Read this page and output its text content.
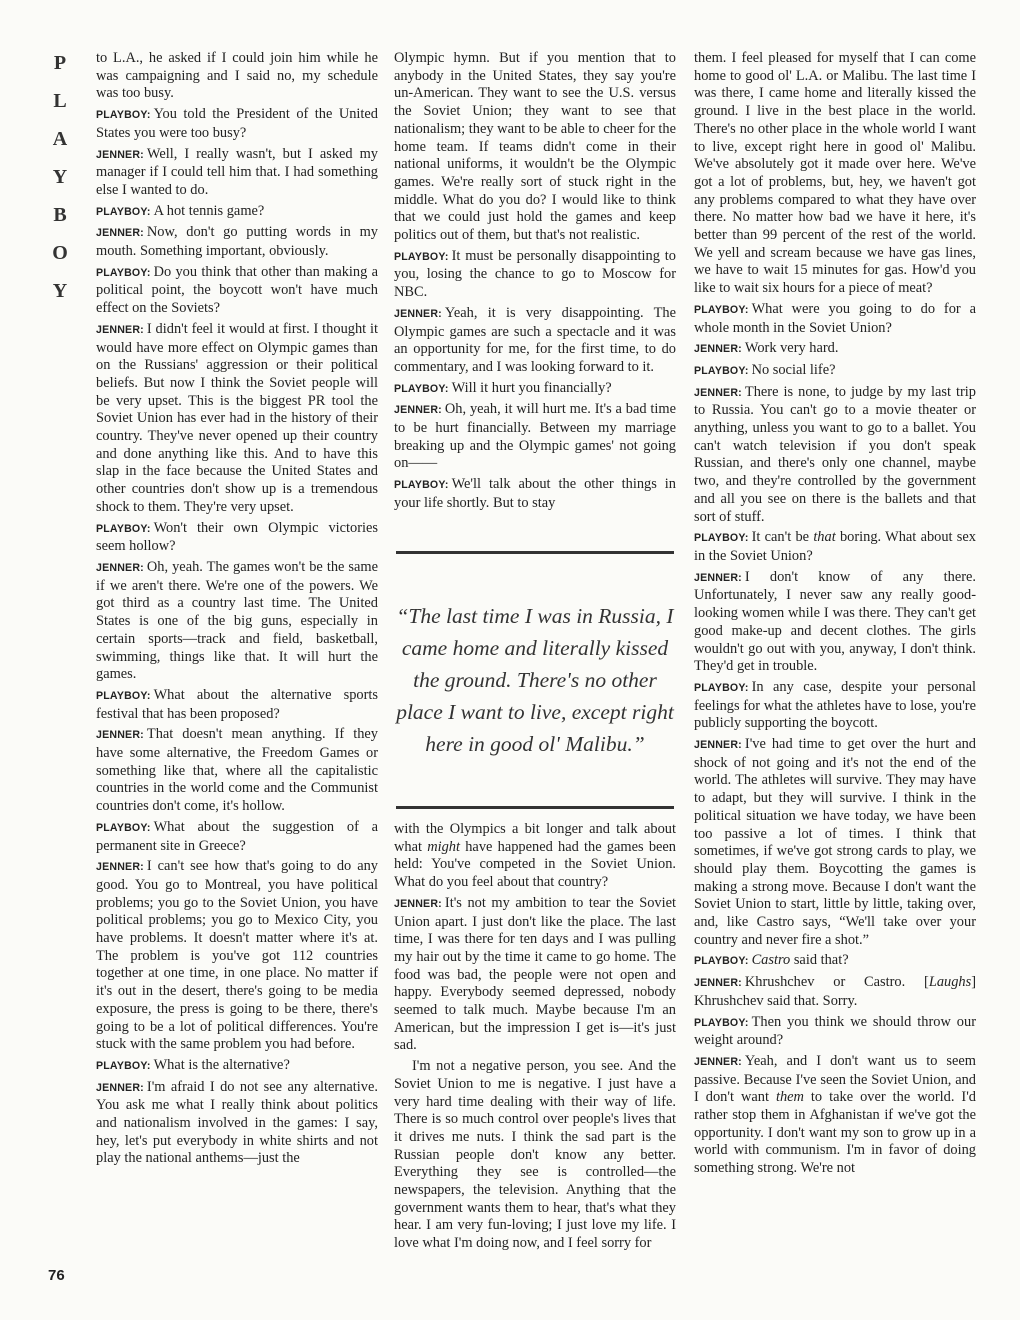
P
L
A
Y
B
O
Y

to L.A., he asked if I could join him while he was campaigning and I said no, my schedule was too busy.

PLAYBOY: You told the President of the United States you were too busy?

JENNER: Well, I really wasn't, but I asked my manager if I could tell him that. I had something else I wanted to do.

PLAYBOY: A hot tennis game?

JENNER: Now, don't go putting words in my mouth. Something important, obviously.

PLAYBOY: Do you think that other than making a political point, the boycott won't have much effect on the Soviets?

JENNER: I didn't feel it would at first. I thought it would have more effect on Olympic games than on the Russians' aggression or their political beliefs. But now I think the Soviet people will be very upset. This is the biggest PR tool the Soviet Union has ever had in the history of their country. They've never opened up their country and done anything like this. And to have this slap in the face because the United States and other countries don't show up is a tremendous shock to them. They're very upset.

PLAYBOY: Won't their own Olympic victories seem hollow?

JENNER: Oh, yeah. The games won't be the same if we aren't there. We're one of the powers. We got third as a country last time. The United States is one of the big guns, especially in certain sports—track and field, basketball, swimming, things like that. It will hurt the games.

PLAYBOY: What about the alternative sports festival that has been proposed?

JENNER: That doesn't mean anything. If they have some alternative, the Freedom Games or something like that, where all the capitalistic countries in the world come and the Communist countries don't come, it's hollow.

PLAYBOY: What about the suggestion of a permanent site in Greece?

JENNER: I can't see how that's going to do any good. You go to Montreal, you have political problems; you go to the Soviet Union, you have political problems; you go to Mexico City, you have problems. It doesn't matter where it's at. The problem is you've got 112 countries together at one time, in one place. No matter if it's out in the desert, there's going to be media exposure, the press is going to be there, there's going to be a lot of political differences. You're stuck with the same problem you had before.

PLAYBOY: What is the alternative?

JENNER: I'm afraid I do not see any alternative. You ask me what I really think about politics and nationalism involved in the games: I say, hey, let's put everybody in white shirts and not play the national anthems—just the

Olympic hymn. But if you mention that to anybody in the United States, they say you're un-American. They want to see the U.S. versus the Soviet Union; they want to see that nationalism; they want to be able to cheer for the home team. If teams didn't come in their national uniforms, it wouldn't be the Olympic games. We're really sort of stuck right in the middle. What do you do? I would like to think that we could just hold the games and keep politics out of them, but that's not realistic.

PLAYBOY: It must be personally disappointing to you, losing the chance to go to Moscow for NBC.

JENNER: Yeah, it is very disappointing. The Olympic games are such a spectacle and it was an opportunity for me, for the first time, to do commentary, and I was looking forward to it.

PLAYBOY: Will it hurt you financially?

JENNER: Oh, yeah, it will hurt me. It's a bad time to be hurt financially. Between my marriage breaking up and the Olympic games' not going on——

PLAYBOY: We'll talk about the other things in your life shortly. But to stay

“The last time I was in Russia, I came home and literally kissed the ground. There's no other place I want to live, except right here in good ol' Malibu.”

with the Olympics a bit longer and talk about what might have happened had the games been held: You've competed in the Soviet Union. What do you feel about that country?

JENNER: It's not my ambition to tear the Soviet Union apart. I just don't like the place. The last time, I was there for ten days and I was pulling my hair out by the time it came to go home. The food was bad, the people were not open and happy. Everybody seemed depressed, nobody seemed to talk much. Maybe because I'm an American, but the impression I get is—it's just sad.

I'm not a negative person, you see. And the Soviet Union to me is negative. I just have a very hard time dealing with their way of life. There is so much control over people's lives that it drives me nuts. I think the sad part is the Russian people don't know any better. Everything they see is controlled—the newspapers, the television. Anything that the government wants them to hear, that's what they hear. I am very fun-loving; I just love my life. I love what I'm doing now, and I feel sorry for

them. I feel pleased for myself that I can come home to good ol' L.A. or Malibu. The last time I was there, I came home and literally kissed the ground. I live in the best place in the world. There's no other place in the whole world I want to live, except right here in good ol' Malibu. We've absolutely got it made over here. We've got a lot of problems, but, hey, we haven't got any problems compared to what they have over there. No matter how bad we have it here, it's better than 99 percent of the rest of the world. We yell and scream because we have gas lines, we have to wait 15 minutes for gas. How'd you like to wait six hours for a piece of meat?

PLAYBOY: What were you going to do for a whole month in the Soviet Union?

JENNER: Work very hard.

PLAYBOY: No social life?

JENNER: There is none, to judge by my last trip to Russia. You can't go to a movie theater or anything, unless you want to go to a ballet. You can't watch television if you don't speak Russian, and there's only one channel, maybe two, and they're controlled by the government and all you see on there is the ballets and that sort of stuff.

PLAYBOY: It can't be that boring. What about sex in the Soviet Union?

JENNER: I don't know of any there. Unfortunately, I never saw any really good-looking women while I was there. They can't get good make-up and decent clothes. The girls wouldn't go out with you, anyway, I don't think. They'd get in trouble.

PLAYBOY: In any case, despite your personal feelings for what the athletes have to lose, you're publicly supporting the boycott.

JENNER: I've had time to get over the hurt and shock of not going and it's not the end of the world. The athletes will survive. They may have to adapt, but they will survive. I think in the political situation we have today, we have been too passive a lot of times. I think that sometimes, if we've got strong cards to play, we should play them. Boycotting the games is making a strong move. Because I don't want the Soviet Union to start, little by little, taking over, and, like Castro says, “We'll take over your country and never fire a shot.”

PLAYBOY: Castro said that?

JENNER: Khrushchev or Castro. [Laughs] Khrushchev said that. Sorry.

PLAYBOY: Then you think we should throw our weight around?

JENNER: Yeah, and I don't want us to seem passive. Because I've seen the Soviet Union, and I don't want them to take over the world. I'd rather stop them in Afghanistan if we've got the opportunity. I don't want my son to grow up in a world with communism. I'm in favor of doing something strong. We're not

76
